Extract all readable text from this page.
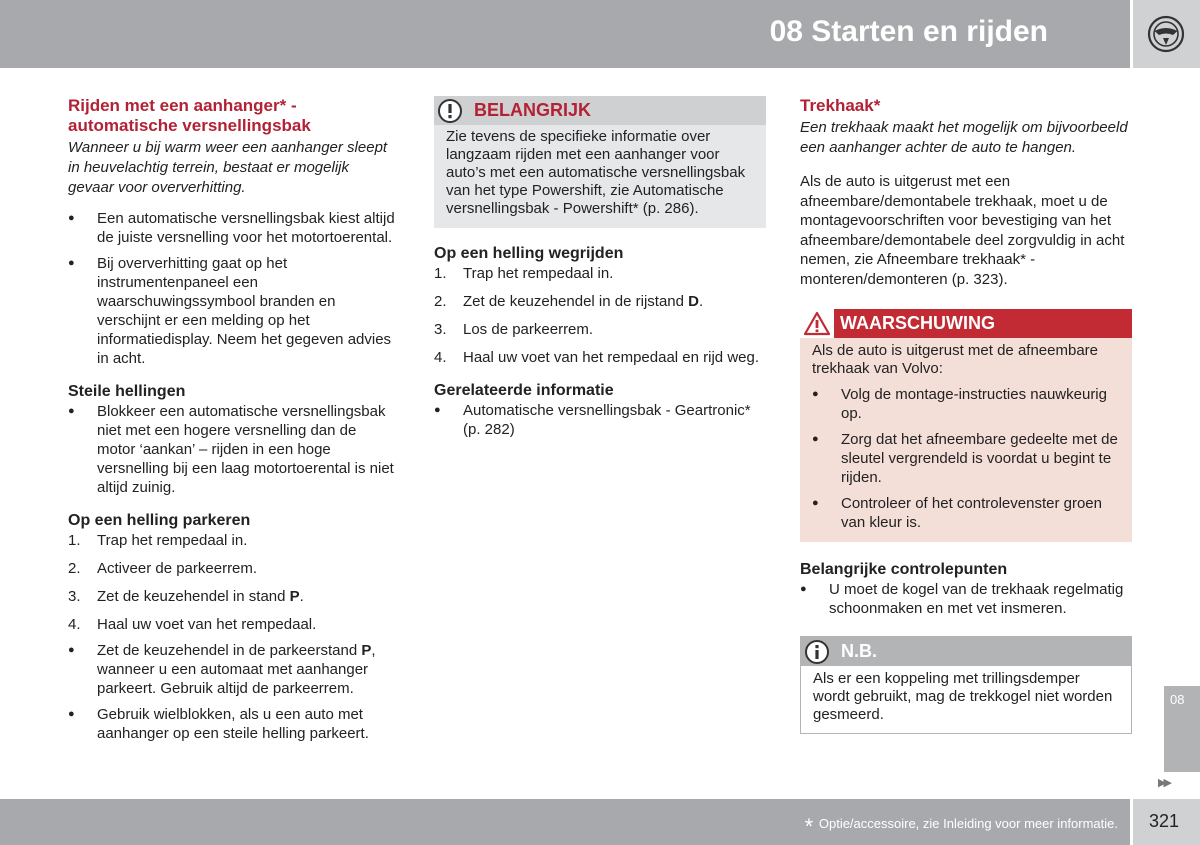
08 Starten en rijden
Rijden met een aanhanger* - automatische versnellingsbak

Wanneer u bij warm weer een aanhanger sleept in heuvelachtig terrein, bestaat er mogelijk gevaar voor oververhitting.

● Een automatische versnellingsbak kiest altijd de juiste versnelling voor het motortoerental.
● Bij oververhitting gaat op het instrumentenpaneel een waarschuwingssymbool branden en verschijnt er een melding op het informatiedisplay. Neem het gegeven advies in acht.
Steile hellingen
● Blokkeer een automatische versnellingsbak niet met een hogere versnelling dan de motor ‘aankan’ – rijden in een hoge versnelling bij een laag motortoerental is niet altijd zuinig.
Op een helling parkeren
1. Trap het rempedaal in.
2. Activeer de parkeerrem.
3. Zet de keuzehendel in stand P.
4. Haal uw voet van het rempedaal.
● Zet de keuzehendel in de parkeerstand P, wanneer u een automaat met aanhanger parkeert. Gebruik altijd de parkeerrem.
● Gebruik wielblokken, als u een auto met aanhanger op een steile helling parkeert.
BELANGRIJK
Zie tevens de specifieke informatie over langzaam rijden met een aanhanger voor auto’s met een automatische versnellingsbak van het type Powershift, zie Automatische versnellingsbak - Powershift* (p. 286).
Op een helling wegrijden
1. Trap het rempedaal in.
2. Zet de keuzehendel in de rijstand D.
3. Los de parkeerrem.
4. Haal uw voet van het rempedaal en rijd weg.
Gerelateerde informatie
● Automatische versnellingsbak - Geartronic* (p. 282)
Trekhaak*

Een trekhaak maakt het mogelijk om bijvoorbeeld een aanhanger achter de auto te hangen.

Als de auto is uitgerust met een afneembare/demontabele trekhaak, moet u de montagevoorschriften voor bevestiging van het afneembare/demontabele deel zorgvuldig in acht nemen, zie Afneembare trekhaak* - monteren/demonteren (p. 323).

WAARSCHUWING
Als de auto is uitgerust met de afneembare trekhaak van Volvo:
● Volg de montage-instructies nauwkeurig op.
● Zorg dat het afneembare gedeelte met de sleutel vergrendeld is voordat u begint te rijden.
● Controleer of het controlevenster groen van kleur is.
Belangrijke controlepunten
● U moet de kogel van de trekhaak regelmatig schoonmaken en met vet insmeren.
N.B.
Als er een koppeling met trillingsdemper wordt gebruikt, mag de trekkogel niet worden gesmeerd.
08
▶▶
* Optie/accessoire, zie Inleiding voor meer informatie. 321
